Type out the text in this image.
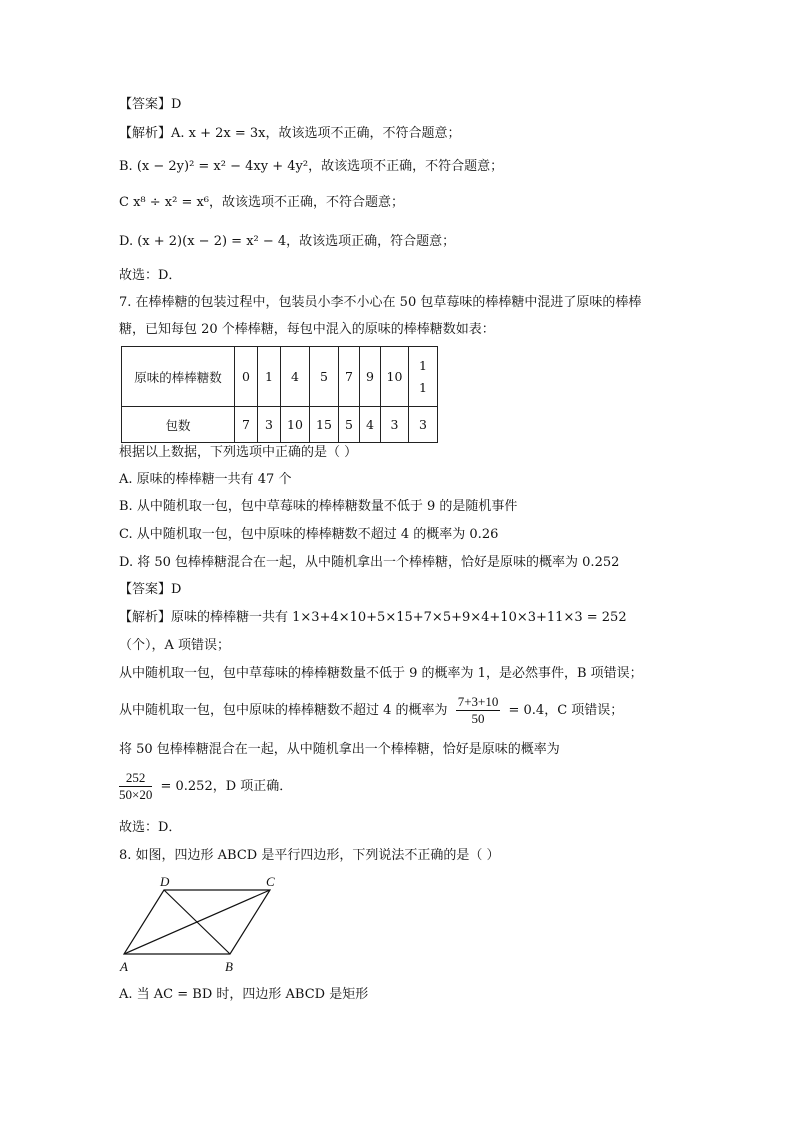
【答案】D
【解析】A. x + 2x = 3x，故该选项不正确，不符合题意；
B. (x − 2y)² = x² − 4xy + 4y²，故该选项不正确，不符合题意；
C x⁸ ÷ x² = x⁶，故该选项不正确，不符合题意；
D. (x + 2)(x − 2) = x² − 4，故该选项正确，符合题意；
故选：D．
7. 在棒棒糖的包装过程中，包装员小李不小心在 50 包草莓味的棒棒糖中混进了原味的棒棒
糖，已知每包 20 个棒棒糖，每包中混入的原味的棒棒糖数如表：
原味的棒棒糖数	0	1	4	5	7	9	10	1
1
包数	7	3	10	15	5	4	3	3
根据以上数据，下列选项中正确的是（ ）
A. 原味的棒棒糖一共有 47 个
B. 从中随机取一包，包中草莓味的棒棒糖数量不低于 9 的是随机事件
C. 从中随机取一包，包中原味的棒棒糖数不超过 4 的概率为 0.26
D. 将 50 包棒棒糖混合在一起，从中随机拿出一个棒棒糖，恰好是原味的概率为 0.252
【答案】D
【解析】原味的棒棒糖一共有 1×3+4×10+5×15+7×5+9×4+10×3+11×3 = 252
（个），A 项错误；
从中随机取一包，包中草莓味的棒棒糖数量不低于 9 的概率为 1，是必然事件，B 项错误；
从中随机取一包，包中原味的棒棒糖数不超过 4 的概率为 $\frac{7+3+10}{50} = 0.4$，C 项错误；
将 50 包棒棒糖混合在一起，从中随机拿出一个棒棒糖，恰好是原味的概率为
$\frac{252}{50\times 20} = 0.252$，D 项正确．
故选：D．
8. 如图，四边形 ABCD 是平行四边形，下列说法不正确的是（ ）
D	C
A	B
A. 当 AC = BD 时，四边形 ABCD 是矩形
